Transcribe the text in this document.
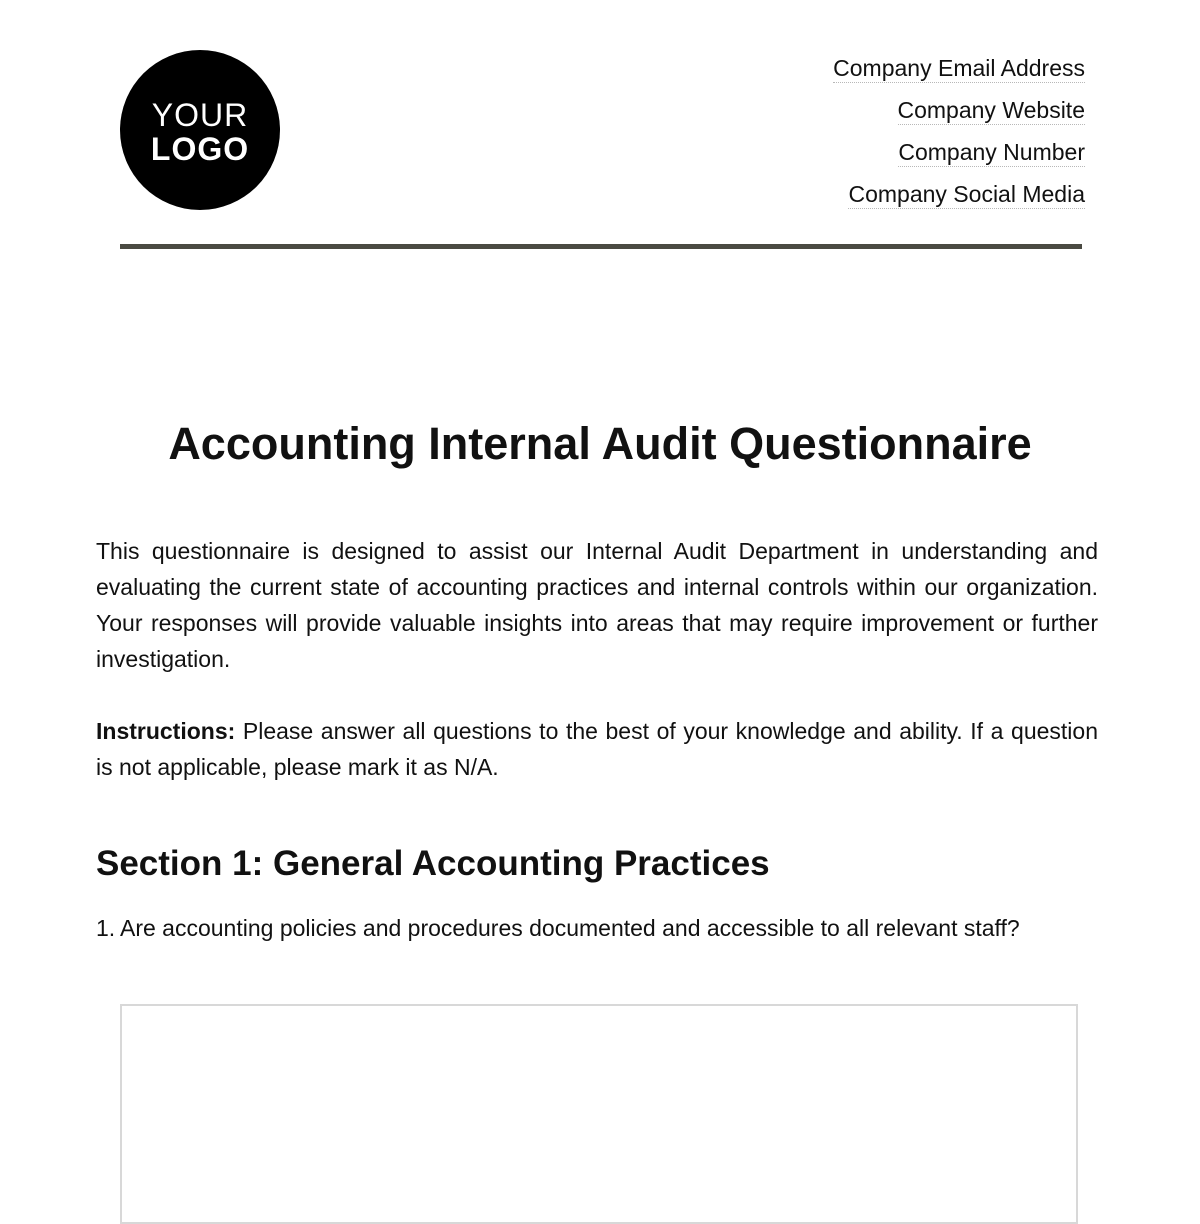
YOUR
LOGO
Company Email Address
Company Website
Company Number
Company Social Media
Accounting Internal Audit Questionnaire

This questionnaire is designed to assist our Internal Audit Department in understanding and evaluating the current state of accounting practices and internal controls within our organization. Your responses will provide valuable insights into areas that may require improvement or further investigation.

Instructions: Please answer all questions to the best of your knowledge and ability. If a question is not applicable, please mark it as N/A.

Section 1: General Accounting Practices
1. Are accounting policies and procedures documented and accessible to all relevant staff?
